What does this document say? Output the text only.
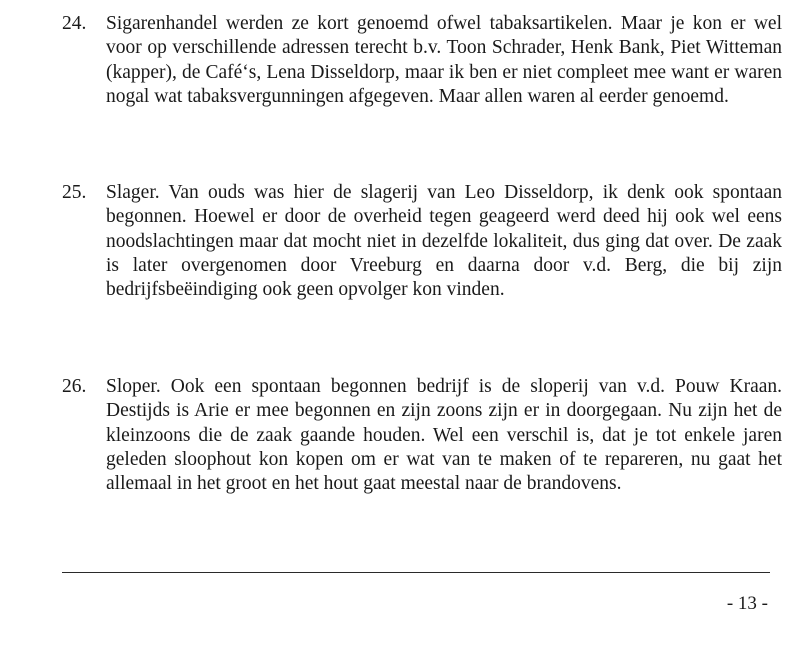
24. Sigarenhandel werden ze kort genoemd ofwel tabaksartikelen. Maar je kon er wel voor op verschillende adressen terecht b.v. Toon Schrader, Henk Bank, Piet Witteman (kapper), de Café‘s, Lena Disseldorp, maar ik ben er niet compleet mee want er waren nogal wat tabaksvergunningen afgegeven. Maar allen waren al eerder genoemd.
25. Slager. Van ouds was hier de slagerij van Leo Disseldorp, ik denk ook spontaan begonnen. Hoewel er door de overheid tegen geageerd werd deed hij ook wel eens noodslachtingen maar dat mocht niet in dezelfde lokaliteit, dus ging dat over. De zaak is later overgenomen door Vreeburg en daarna door v.d. Berg, die bij zijn bedrijfsbeëindiging ook geen opvolger kon vinden.
26. Sloper. Ook een spontaan begonnen bedrijf is de sloperij van v.d. Pouw Kraan. Destijds is Arie er mee begonnen en zijn zoons zijn er in doorgegaan. Nu zijn het de kleinzoons die de zaak gaande houden. Wel een verschil is, dat je tot enkele jaren geleden sloophout kon kopen om er wat van te maken of te repareren, nu gaat het allemaal in het groot en het hout gaat meestal naar de brandovens.
- 13 -
